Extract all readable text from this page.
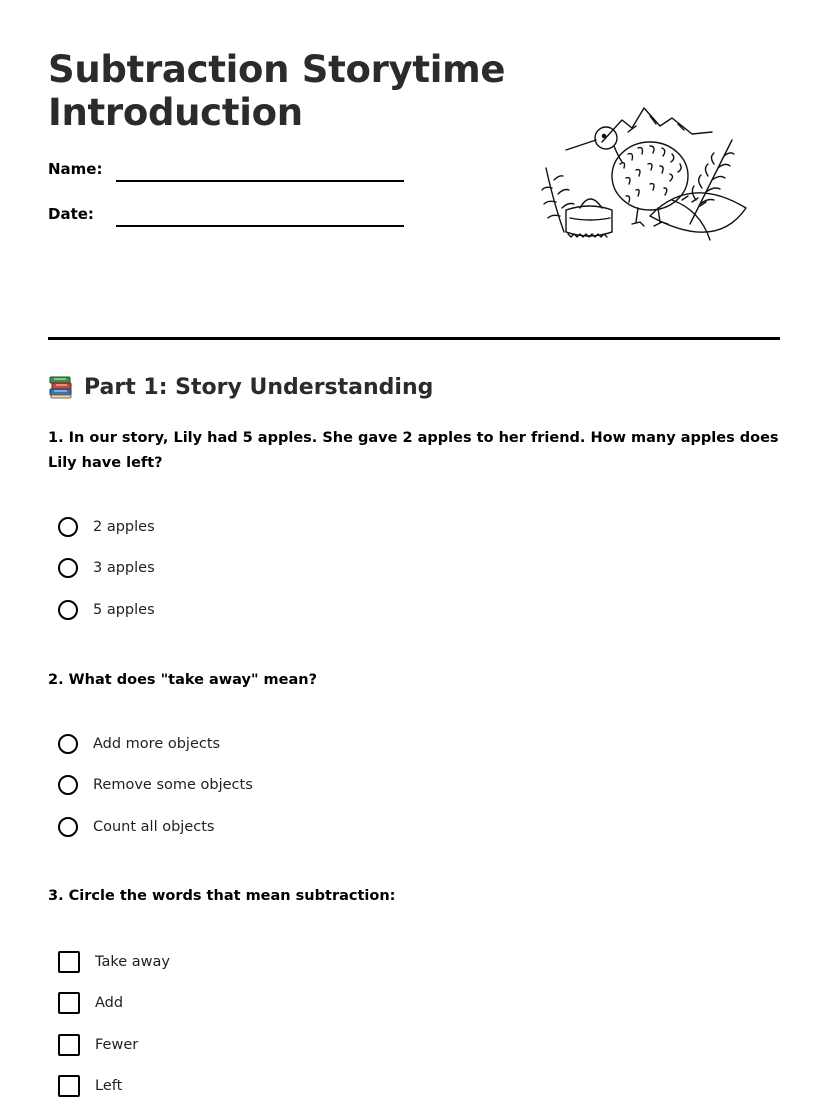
Subtraction Storytime
Introduction
Name:
Date:
Part 1: Story Understanding

1. In our story, Lily had 5 apples. She gave 2 apples to her friend. How many apples does Lily have left?

2 apples
3 apples
5 apples

2. What does "take away" mean?

Add more objects
Remove some objects
Count all objects

3. Circle the words that mean subtraction:

Take away
Add
Fewer
Left
